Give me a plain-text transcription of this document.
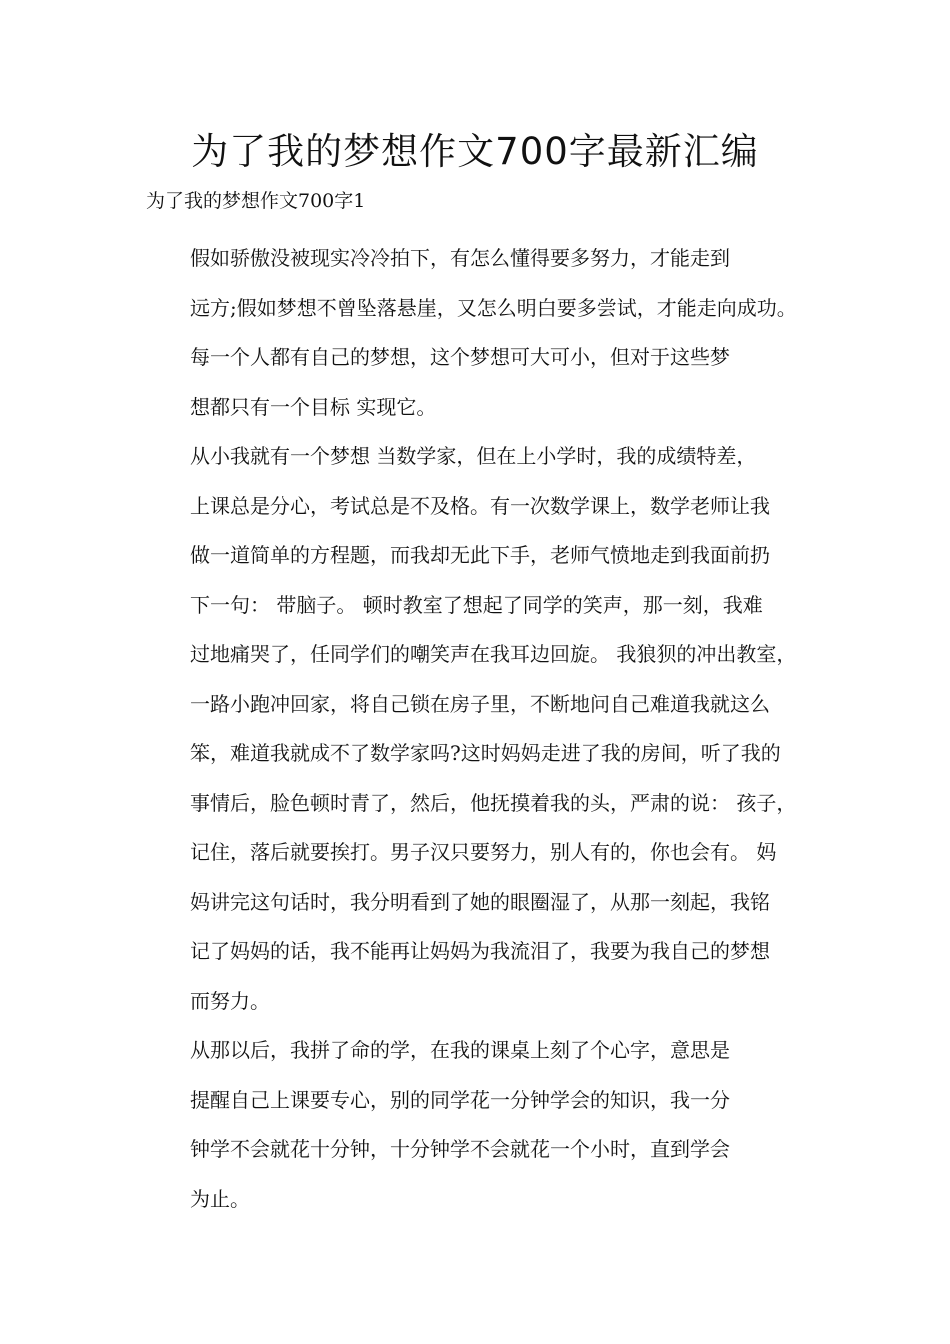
为了我的梦想作文700字最新汇编

为了我的梦想作文700字1

假如骄傲没被现实冷冷拍下，有怎么懂得要多努力，才能走到
远方;假如梦想不曾坠落悬崖，又怎么明白要多尝试，才能走向成功。

每一个人都有自己的梦想，这个梦想可大可小，但对于这些梦
想都只有一个目标 实现它。

从小我就有一个梦想 当数学家，但在上小学时，我的成绩特差，
上课总是分心，考试总是不及格。有一次数学课上，数学老师让我
做一道简单的方程题，而我却无此下手，老师气愤地走到我面前扔
下一句： 带脑子。 顿时教室了想起了同学的笑声，那一刻，我难
过地痛哭了，任同学们的嘲笑声在我耳边回旋。 我狼狈的冲出教室，
一路小跑冲回家，将自己锁在房子里，不断地问自己难道我就这么
笨，难道我就成不了数学家吗?这时妈妈走进了我的房间，听了我的
事情后，脸色顿时青了，然后，他抚摸着我的头，严肃的说： 孩子，
记住，落后就要挨打。男子汉只要努力，别人有的，你也会有。 妈
妈讲完这句话时，我分明看到了她的眼圈湿了，从那一刻起，我铭
记了妈妈的话，我不能再让妈妈为我流泪了，我要为我自己的梦想
而努力。

从那以后，我拼了命的学，在我的课桌上刻了个心字，意思是
提醒自己上课要专心，别的同学花一分钟学会的知识，我一分

钟学不会就花十分钟，十分钟学不会就花一个小时，直到学会
为止。
